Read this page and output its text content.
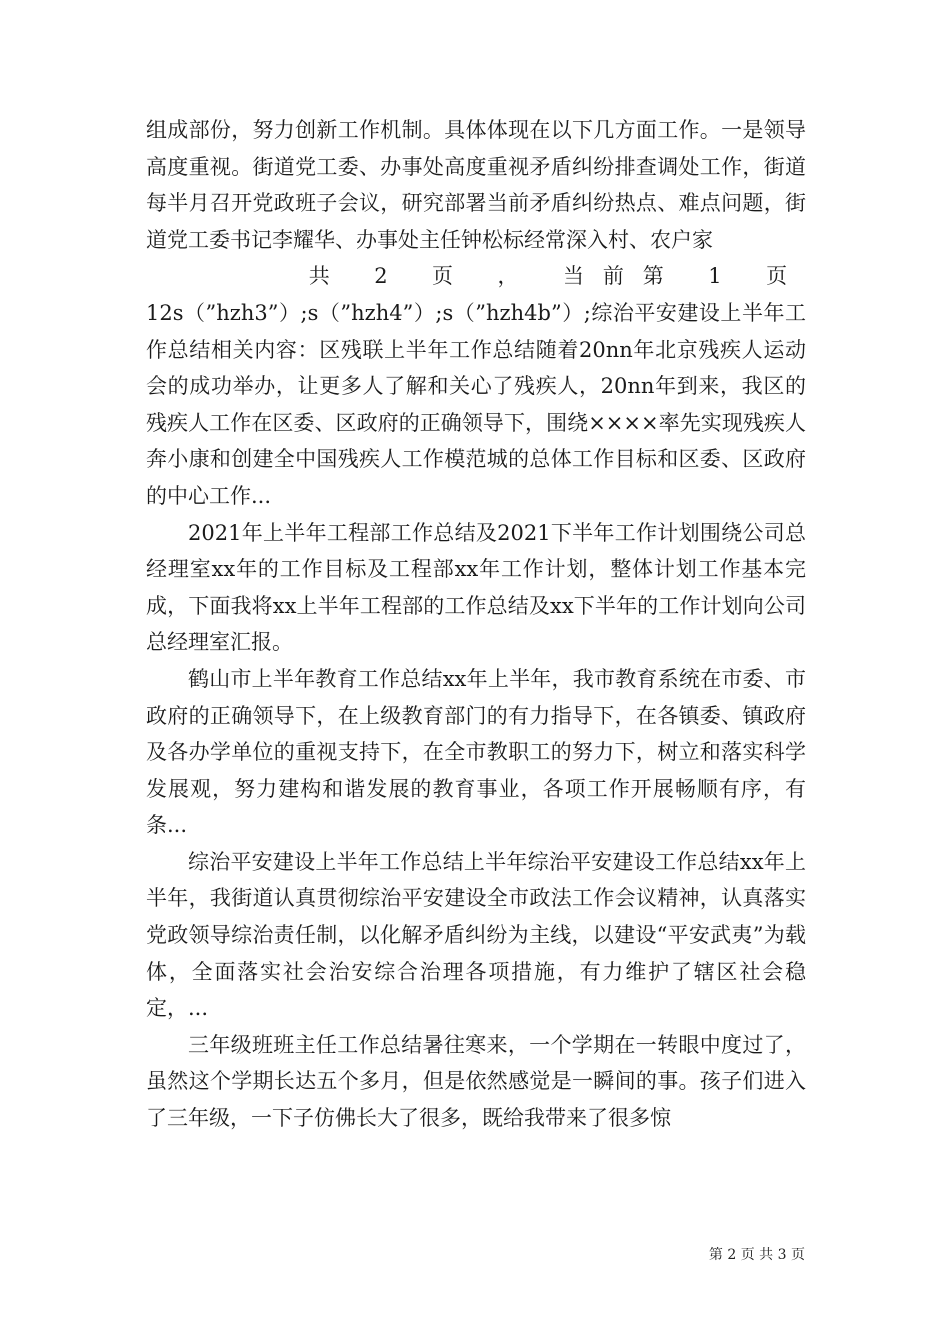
组成部份，努力创新工作机制。具体体现在以下几方面工作。一是领导高度重视。街道党工委、办事处高度重视矛盾纠纷排查调处工作，街道每半月召开党政班子会议，研究部署当前矛盾纠纷热点、难点问题，街道党工委书记李耀华、办事处主任钟松标经常深入村、农户家

共 2 页 ， 当前第 1 页

12s（”hzh3”）;s（”hzh4”）;s（”hzh4b”）;综治平安建设上半年工作总结相关内容：区残联上半年工作总结随着20nn年北京残疾人运动会的成功举办，让更多人了解和关心了残疾人，20nn年到来，我区的残疾人工作在区委、区政府的正确领导下，围绕××××率先实现残疾人奔小康和创建全中国残疾人工作模范城的总体工作目标和区委、区政府的中心工作...

2021年上半年工程部工作总结及2021下半年工作计划围绕公司总经理室xx年的工作目标及工程部xx年工作计划，整体计划工作基本完成，下面我将xx上半年工程部的工作总结及xx下半年的工作计划向公司总经理室汇报。

鹤山市上半年教育工作总结xx年上半年，我市教育系统在市委、市政府的正确领导下，在上级教育部门的有力指导下，在各镇委、镇政府及各办学单位的重视支持下，在全市教职工的努力下，树立和落实科学发展观，努力建构和谐发展的教育事业，各项工作开展畅顺有序，有条...

综治平安建设上半年工作总结上半年综治平安建设工作总结xx年上半年，我街道认真贯彻综治平安建设全市政法工作会议精神，认真落实党政领导综治责任制，以化解矛盾纠纷为主线，以建设“平安武夷”为载体，全面落实社会治安综合治理各项措施，有力维护了辖区社会稳定，...

三年级班班主任工作总结暑往寒来，一个学期在一转眼中度过了，虽然这个学期长达五个多月，但是依然感觉是一瞬间的事。孩子们进入了三年级，一下子仿佛长大了很多，既给我带来了很多惊

第 2 页 共 3 页
